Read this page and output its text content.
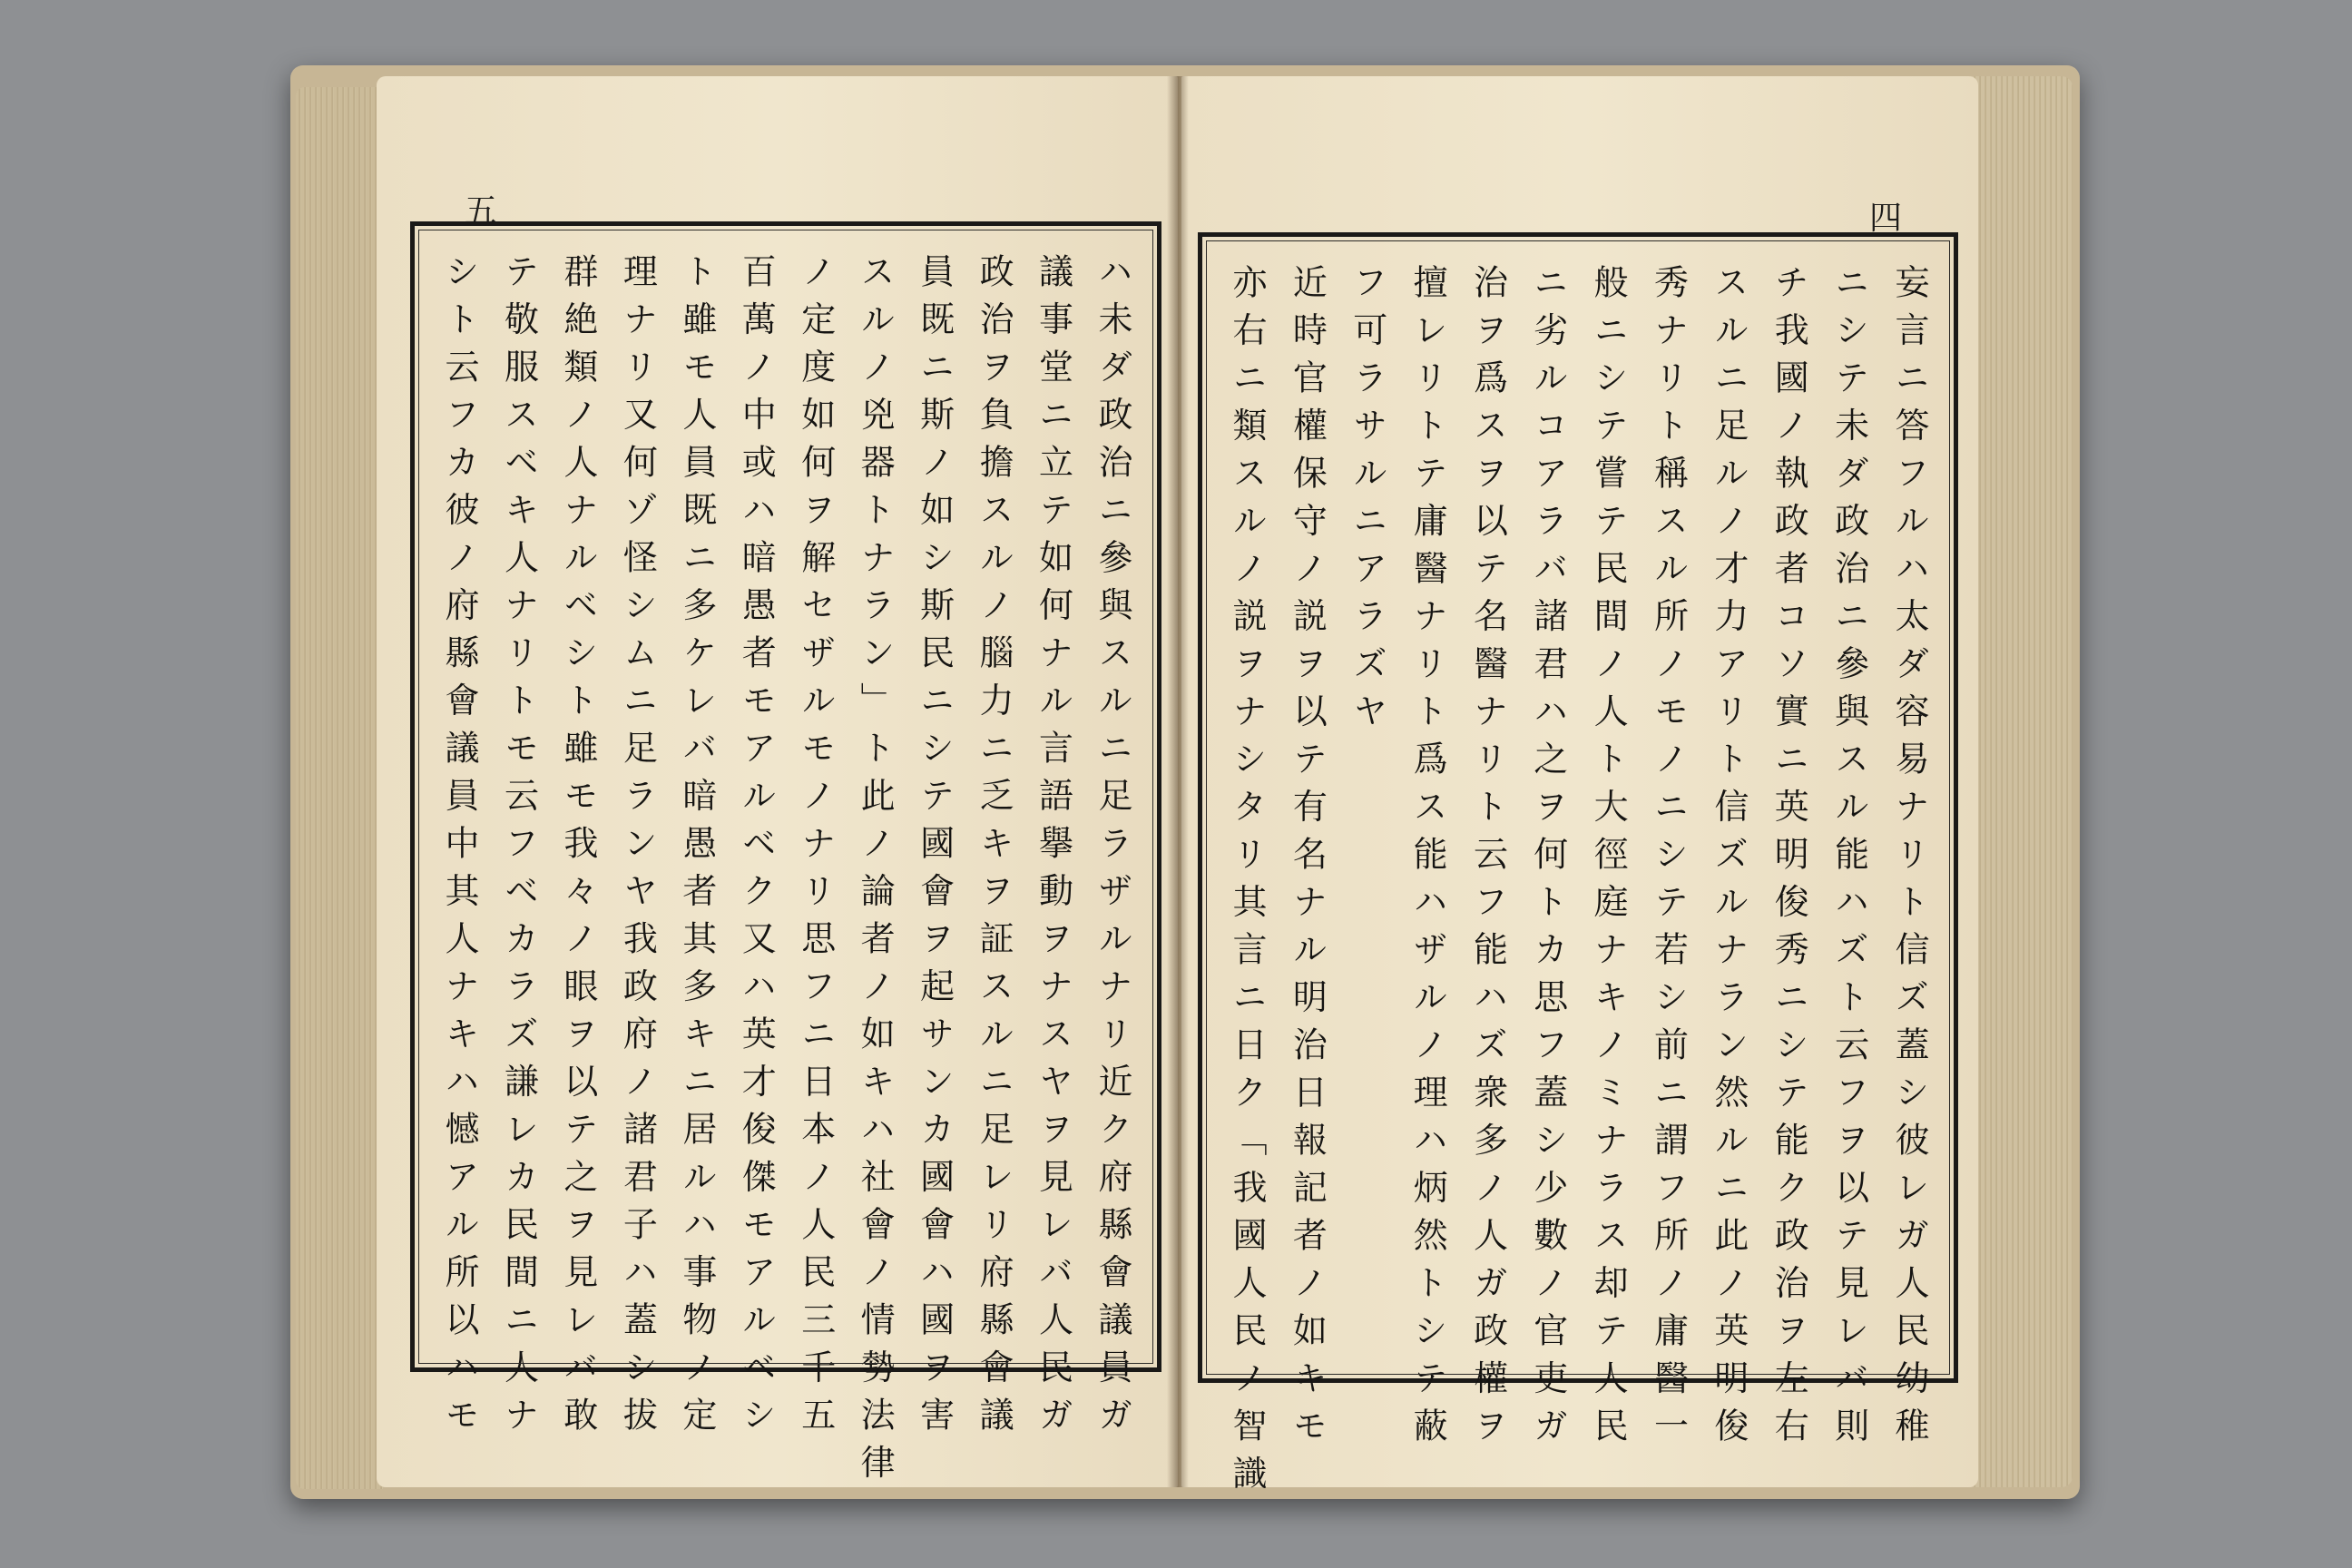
五	四
ハ未ダ政治ニ參與スルニ足ラザルナリ近ク府縣會議員ガ
議事堂ニ立テ如何ナル言語擧動ヲナスヤヲ見レバ人民ガ
政治ヲ負擔スルノ腦力ニ乏キヲ証スルニ足レリ府縣會議
員既ニ斯ノ如シ斯民ニシテ國會ヲ起サンカ國會ハ國ヲ害
スルノ兇器トナラン」ト此ノ論者ノ如キハ社會ノ情勢法律
ノ定度如何ヲ解セザルモノナリ思フニ日本ノ人民三千五
百萬ノ中或ハ暗愚者モアルベク又ハ英才俊傑モアルベシ
ト雖モ人員既ニ多ケレバ暗愚者其多キニ居ルハ事物ノ定
理ナリ又何ゾ怪シムニ足ランヤ我政府ノ諸君子ハ蓋シ拔
群絶類ノ人ナルベシト雖モ我々ノ眼ヲ以テ之ヲ見レバ敢
テ敬服スベキ人ナリトモ云フベカラズ謙レカ民間ニ人ナ
シト云フカ彼ノ府縣會議員中其人ナキハ憾アル所以ハモ	妄言ニ答フルハ太ダ容易ナリト信ズ蓋シ彼レガ人民幼稚
ニシテ未ダ政治ニ參與スル能ハズト云フヲ以テ見レバ則
チ我國ノ執政者コソ實ニ英明俊秀ニシテ能ク政治ヲ左右
スルニ足ルノ才力アリト信ズルナラン然ルニ此ノ英明俊
秀ナリト稱スル所ノモノニシテ若シ前ニ謂フ所ノ庸醫一
般ニシテ嘗テ民間ノ人ト大徑庭ナキノミナラス却テ人民
ニ劣ルコアラバ諸君ハ之ヲ何トカ思フ蓋シ少數ノ官吏ガ
治ヲ爲スヲ以テ名醫ナリト云フ能ハズ衆多ノ人ガ政權ヲ
擅レリトテ庸醫ナリト爲ス能ハザルノ理ハ炳然トシテ蔽
フ可ラサルニアラズヤ
近時官權保守ノ説ヲ以テ有名ナル明治日報記者ノ如キモ
亦右ニ類スルノ説ヲナシタリ其言ニ日ク「我國人民ノ智識
